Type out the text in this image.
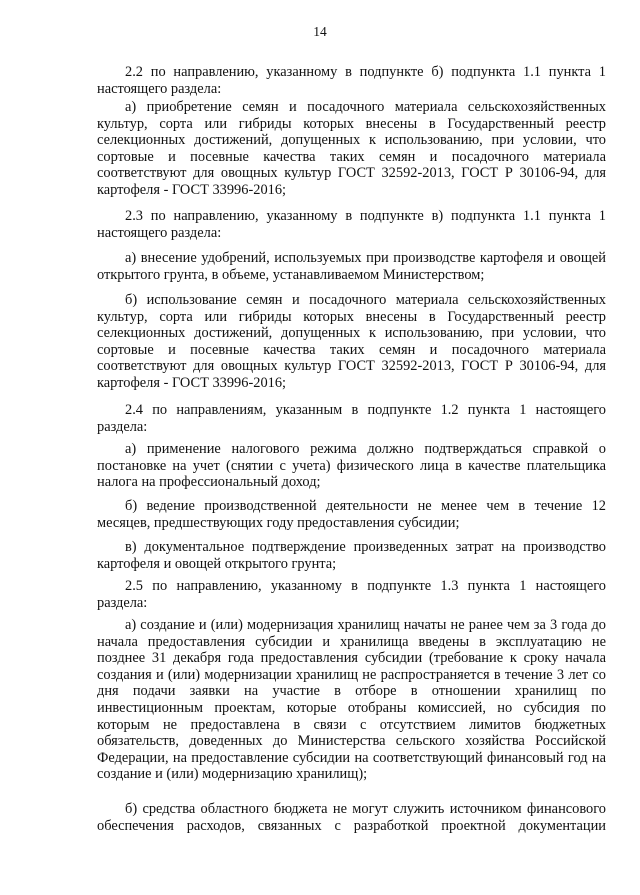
14

2.2 по направлению, указанному в подпункте б) подпункта 1.1 пункта 1 настоящего раздела:

а) приобретение семян и посадочного материала сельскохозяйственных культур, сорта или гибриды которых внесены в Государственный реестр селекционных достижений, допущенных к использованию, при условии, что сортовые и посевные качества таких семян и посадочного материала соответствуют для овощных культур ГОСТ 32592-2013, ГОСТ Р 30106-94, для картофеля - ГОСТ 33996-2016;

2.3 по направлению, указанному в подпункте в) подпункта 1.1 пункта 1 настоящего раздела:

а) внесение удобрений, используемых при производстве картофеля и овощей открытого грунта, в объеме, устанавливаемом Министерством;

б) использование семян и посадочного материала сельскохозяйственных культур, сорта или гибриды которых внесены в Государственный реестр селекционных достижений, допущенных к использованию, при условии, что сортовые и посевные качества таких семян и посадочного материала соответствуют для овощных культур ГОСТ 32592-2013, ГОСТ Р 30106-94, для картофеля - ГОСТ 33996-2016;

2.4 по направлениям, указанным в подпункте 1.2 пункта 1 настоящего раздела:

а) применение налогового режима должно подтверждаться справкой о постановке на учет (снятии с учета) физического лица в качестве плательщика налога на профессиональный доход;

б) ведение производственной деятельности не менее чем в течение 12 месяцев, предшествующих году предоставления субсидии;

в) документальное подтверждение произведенных затрат на производство картофеля и овощей открытого грунта;

2.5 по направлению, указанному в подпункте 1.3 пункта 1 настоящего раздела:

а) создание и (или) модернизация хранилищ начаты не ранее чем за 3 года до начала предоставления субсидии и хранилища введены в эксплуатацию не позднее 31 декабря года предоставления субсидии (требование к сроку начала создания и (или) модернизации хранилищ не распространяется в течение 3 лет со дня подачи заявки на участие в отборе в отношении хранилищ по инвестиционным проектам, которые отобраны комиссией, но субсидия по которым не предоставлена в связи с отсутствием лимитов бюджетных обязательств, доведенных до Министерства сельского хозяйства Российской Федерации, на предоставление субсидии на соответствующий финансовый год на создание и (или) модернизацию хранилищ);

б) средства областного бюджета не могут служить источником финансового обеспечения расходов, связанных с разработкой проектной документации
